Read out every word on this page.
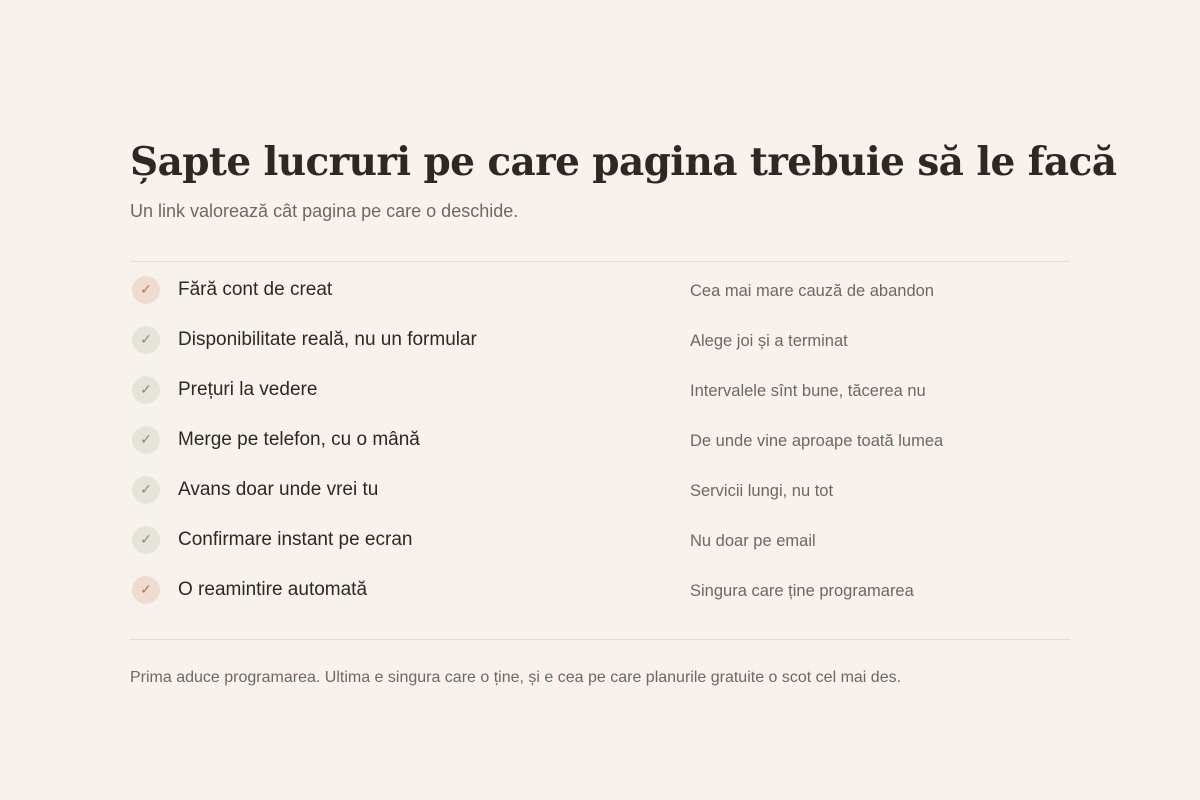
Șapte lucruri pe care pagina trebuie să le facă

Un link valorează cât pagina pe care o deschide.

✓	Fără cont de creat	Cea mai mare cauză de abandon
✓	Disponibilitate reală, nu un formular	Alege joi și a terminat
✓	Prețuri la vedere	Intervalele sînt bune, tăcerea nu
✓	Merge pe telefon, cu o mână	De unde vine aproape toată lumea
✓	Avans doar unde vrei tu	Servicii lungi, nu tot
✓	Confirmare instant pe ecran	Nu doar pe email
✓	O reamintire automată	Singura care ține programarea

Prima aduce programarea. Ultima e singura care o ține, și e cea pe care planurile gratuite o scot cel mai des.
